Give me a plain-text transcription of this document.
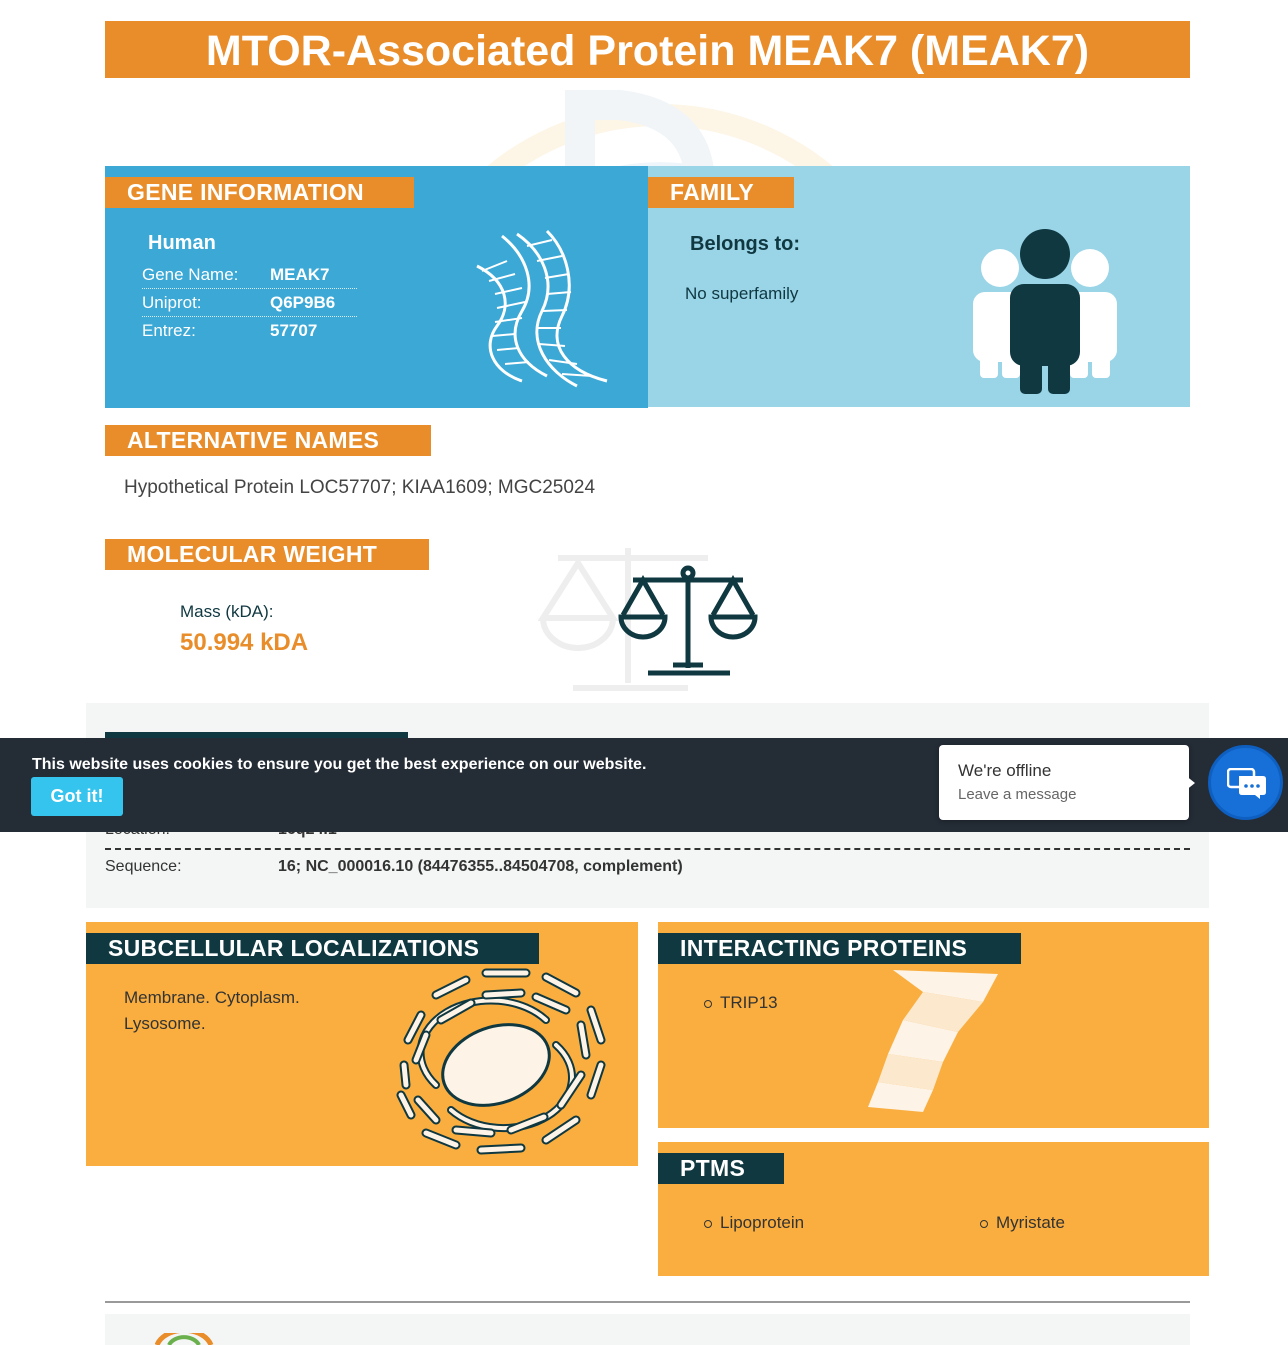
MTOR-Associated Protein MEAK7 (MEAK7)
GENE INFORMATION
Human
Gene Name:	MEAK7
Uniprot:	Q6P9B6
Entrez:	57707
FAMILY
Belongs to:
No superfamily
ALTERNATIVE NAMES
Hypothetical Protein LOC57707; KIAA1609; MGC25024
MOLECULAR WEIGHT
Mass (kDA):
50.994 kDA
Sequence:	16; NC_000016.10 (84476355..84504708, complement)
This website uses cookies to ensure you get the best experience on our website.
Got it!
We're offline
Leave a message
SUBCELLULAR LOCALIZATIONS
Membrane. Cytoplasm.
Lysosome.
INTERACTING PROTEINS
TRIP13
PTMS
Lipoprotein	Myristate
